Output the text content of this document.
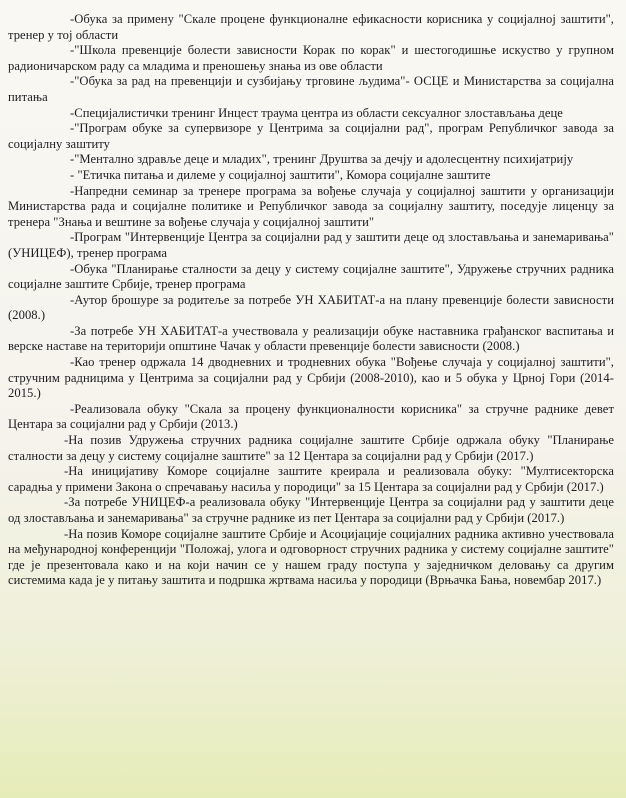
-Обука за примену "Скале процене функционалне ефикасности корисника у социјалној заштити", тренер у тој области

-"Школа превенције болести зависности Корак по корак" и шестогодишње искуство у групном радионичарском раду са младима и преношењу знања из ове области

-"Обука за рад на превенцији и сузбијању трговине људима"- ОСЦЕ и Министарства за социјална питања

-Специјалистички тренинг Инцест траума центра из области сексуалног злостављања деце

-"Програм обуке за супервизоре у Центрима за социјални рад", програм Републичког завода за социјалну заштиту

-"Ментално здравље деце и младих", тренинг Друштва за дечју и адолесцентну психијатрију

- "Етичка питања и дилеме у социјалној заштити", Комора социјалне заштите

-Напредни семинар за тренере програма за вођење случаја у социјалној заштити у организацији Министарства рада и социјалне политике и Републичког завода за социјалну заштиту, поседује лиценцу за тренера "Знања и вештине за вођење случаја у социјалној заштити"

-Програм "Интервенције Центра за социјални рад у заштити деце од злостављања и занемаривања" (УНИЦЕФ), тренер програма

-Обука "Планирање сталности за децу у систему социјалне заштите", Удружење стручних радника социјалне заштите Србије, тренер програма

-Аутор брошуре за родитеље за потребе УН ХАБИТАТ-а на плану превенције болести зависности (2008.)

-За потребе УН ХАБИТАТ-а учествовала у реализацији обуке наставника грађанског васпитања и верске наставе на територији општине Чачак у области превенције болести зависности (2008.)

-Као тренер одржала 14 дводневних и тродневних обука "Вођење случаја у социјалној заштити", стручним радницима у Центрима за социјални рад у Србији (2008-2010), као и 5 обука у Црној Гори (2014-2015.)

-Реализовала обуку "Скала за процену функционалности корисника" за стручне раднике девет Центара за социјални рад у Србији (2013.)

-На позив Удружења стручних радника социјалне заштите Србије одржала обуку "Планирање сталности за децу у систему социјалне заштите" за 12 Центара за социјални рад у Србији (2017.)

-На иницијативу Коморе социјалне заштите креирала и реализовала обуку: "Мултисекторска сарадња у примени Закона о спречавању насиља у породици" за 15 Центара за социјални рад у Србији (2017.)

-За потребе УНИЦЕФ-а реализовала обуку "Интервенције Центра за социјални рад у заштити деце од злостављања и занемаривања" за стручне раднике из пет Центара за социјални рад у Србији (2017.)

-На позив Коморе социјалне заштите Србије и Асоцијације социјалних радника активно учествовала на међународној конференцији "Положај, улога и одговорност стручних радника у систему социјалне заштите" где је презентовала како и на који начин се у нашем граду поступа у заједничком деловању са другим системима када је у питању заштита и подршка жртвама насиља у породици (Врњачка Бања, новембар 2017.)
